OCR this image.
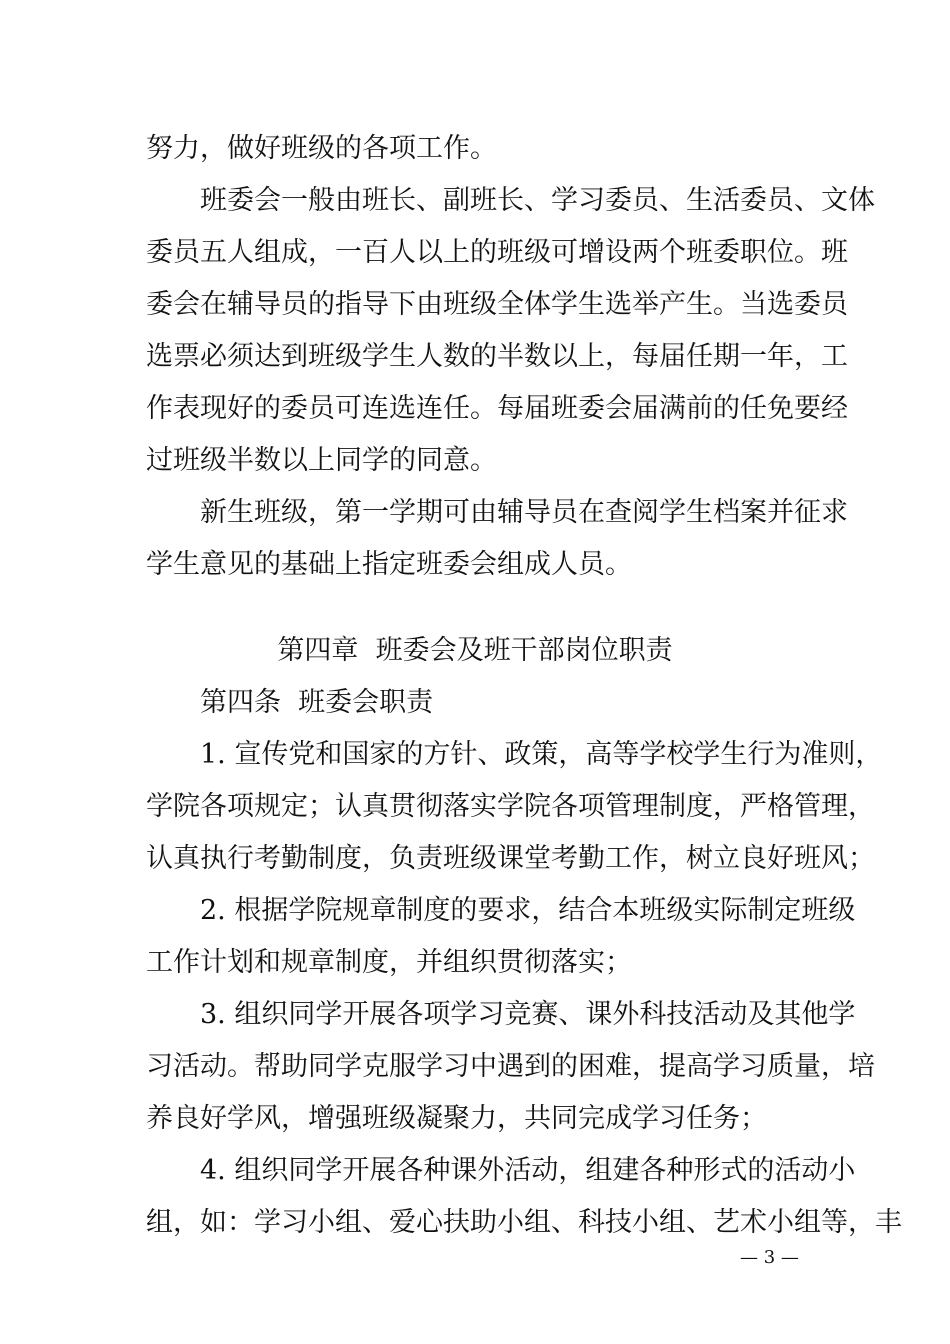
努力，做好班级的各项工作。
班委会一般由班长、副班长、学习委员、生活委员、文体
委员五人组成，一百人以上的班级可增设两个班委职位。班
委会在辅导员的指导下由班级全体学生选举产生。当选委员
选票必须达到班级学生人数的半数以上，每届任期一年，工
作表现好的委员可连选连任。每届班委会届满前的任免要经
过班级半数以上同学的同意。
新生班级，第一学期可由辅导员在查阅学生档案并征求
学生意见的基础上指定班委会组成人员。
第四章  班委会及班干部岗位职责
第四条  班委会职责
1. 宣传党和国家的方针、政策，高等学校学生行为准则，
学院各项规定；认真贯彻落实学院各项管理制度，严格管理，
认真执行考勤制度，负责班级课堂考勤工作，树立良好班风；
2. 根据学院规章制度的要求，结合本班级实际制定班级
工作计划和规章制度，并组织贯彻落实；
3. 组织同学开展各项学习竞赛、课外科技活动及其他学
习活动。帮助同学克服学习中遇到的困难，提高学习质量，培
养良好学风，增强班级凝聚力，共同完成学习任务；
4. 组织同学开展各种课外活动，组建各种形式的活动小
组，如：学习小组、爱心扶助小组、科技小组、艺术小组等，丰
— 3 —
